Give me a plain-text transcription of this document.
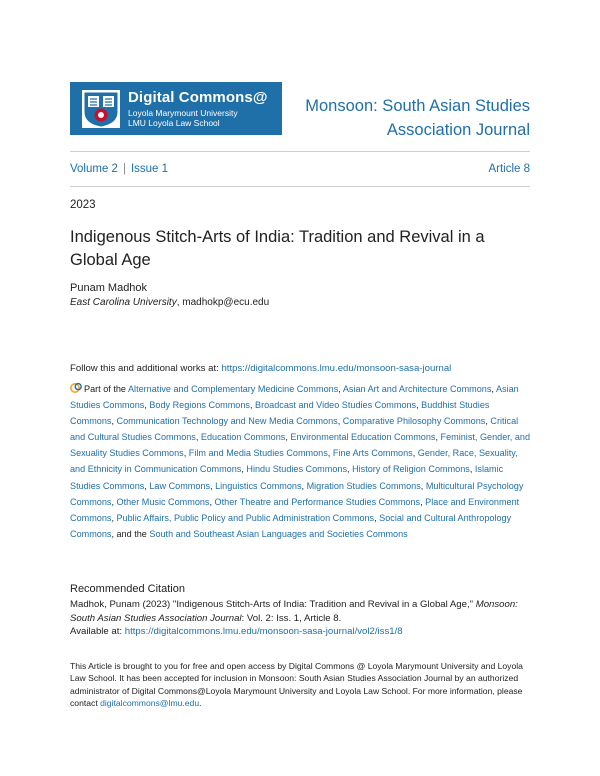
Digital Commons@
Loyola Marymount University
LMU Loyola Law School
Monsoon: South Asian Studies
Association Journal
Volume 2 | Issue 1	Article 8
2023
Indigenous Stitch-Arts of India: Tradition and Revival in a Global Age
Punam Madhok
East Carolina University, madhokp@ecu.edu
Follow this and additional works at: https://digitalcommons.lmu.edu/monsoon-sasa-journal
Part of the Alternative and Complementary Medicine Commons, Asian Art and Architecture Commons, Asian Studies Commons, Body Regions Commons, Broadcast and Video Studies Commons, Buddhist Studies Commons, Communication Technology and New Media Commons, Comparative Philosophy Commons, Critical and Cultural Studies Commons, Education Commons, Environmental Education Commons, Feminist, Gender, and Sexuality Studies Commons, Film and Media Studies Commons, Fine Arts Commons, Gender, Race, Sexuality, and Ethnicity in Communication Commons, Hindu Studies Commons, History of Religion Commons, Islamic Studies Commons, Law Commons, Linguistics Commons, Migration Studies Commons, Multicultural Psychology Commons, Other Music Commons, Other Theatre and Performance Studies Commons, Place and Environment Commons, Public Affairs, Public Policy and Public Administration Commons, Social and Cultural Anthropology Commons, and the South and Southeast Asian Languages and Societies Commons
Recommended Citation
Madhok, Punam (2023) "Indigenous Stitch-Arts of India: Tradition and Revival in a Global Age," Monsoon: South Asian Studies Association Journal: Vol. 2: Iss. 1, Article 8.
Available at: https://digitalcommons.lmu.edu/monsoon-sasa-journal/vol2/iss1/8
This Article is brought to you for free and open access by Digital Commons @ Loyola Marymount University and Loyola Law School. It has been accepted for inclusion in Monsoon: South Asian Studies Association Journal by an authorized administrator of Digital Commons@Loyola Marymount University and Loyola Law School. For more information, please contact digitalcommons@lmu.edu.
